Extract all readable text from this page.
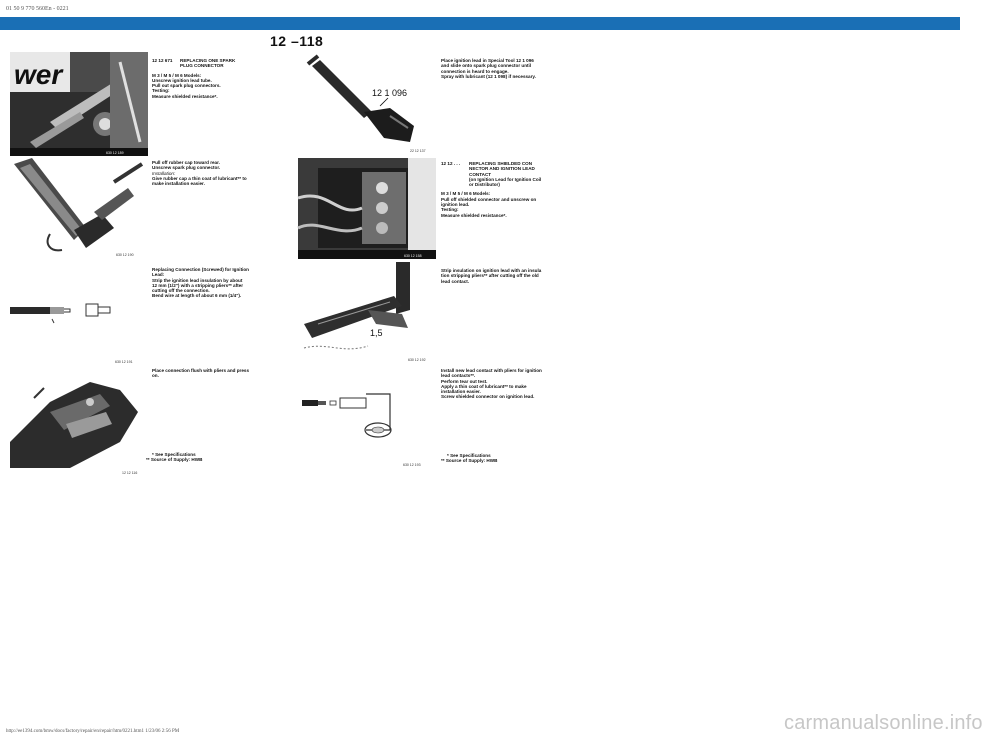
01 50 9 770 560En - 0221
12 –118
wer
630 12 189
630 12 190
630 12 191
12 12 116

12 12 671 REPLACING ONE SPARK

PLUG CONNECTOR

M 3 / M 5 / M 6 Models:

Unscrew ignition lead tube.

Pull out spark plug connectors.

Testing:

Measure shielded resistance*.

Pull off rubber cap toward rear.

Unscrew spark plug connector.

Installation:

Give rubber cap a thin coat of lubricant** to

make installation easier.

Replacing Connection (Screwed) for Ignition

Lead:

Strip the ignition lead insulation by about

12 mm (1/2") with a stripping pliers** after

cutting off the connection.

Bend wire at length of about 6 mm (1/4").

Place connection flush with pliers and press

on.

* See Specifications

** Source of Supply: HWB

12 1 096
22 12 137
630 12 158
1,5
630 12 192
630 12 193

Place ignition lead in Special Tool 12 1 096

and slide onto spark plug connector until

connection is heard to engage.

Spray with lubricant (12 1 098) if necessary.

12 12 . . . REPLACING SHIELDED CON

NECTOR AND IGNITION LEAD

CONTACT

(on Ignition Lead for Ignition Coil

or Distributor)

M 3 / M 5 / M 6 Models:

Pull off shielded connector and unscrew on

ignition lead.

Testing:

Measure shielded resistance*.

Strip insulation on ignition lead with an insula

tion stripping pliers** after cutting off the old

lead contact.

Install new lead contact with pliers for ignition

lead contacts**.

Perform tear out test.

Apply a thin coat of lubricant** to make

installation easier.

Screw shielded connector on ignition lead.

* See Specifications

** Source of Supply: HWB

http://ee1394.com/bmw/docs/factory/repair/en/repair/htm/0221.htm1 1/23/06 2:56 PM	carmanualsonline.info
